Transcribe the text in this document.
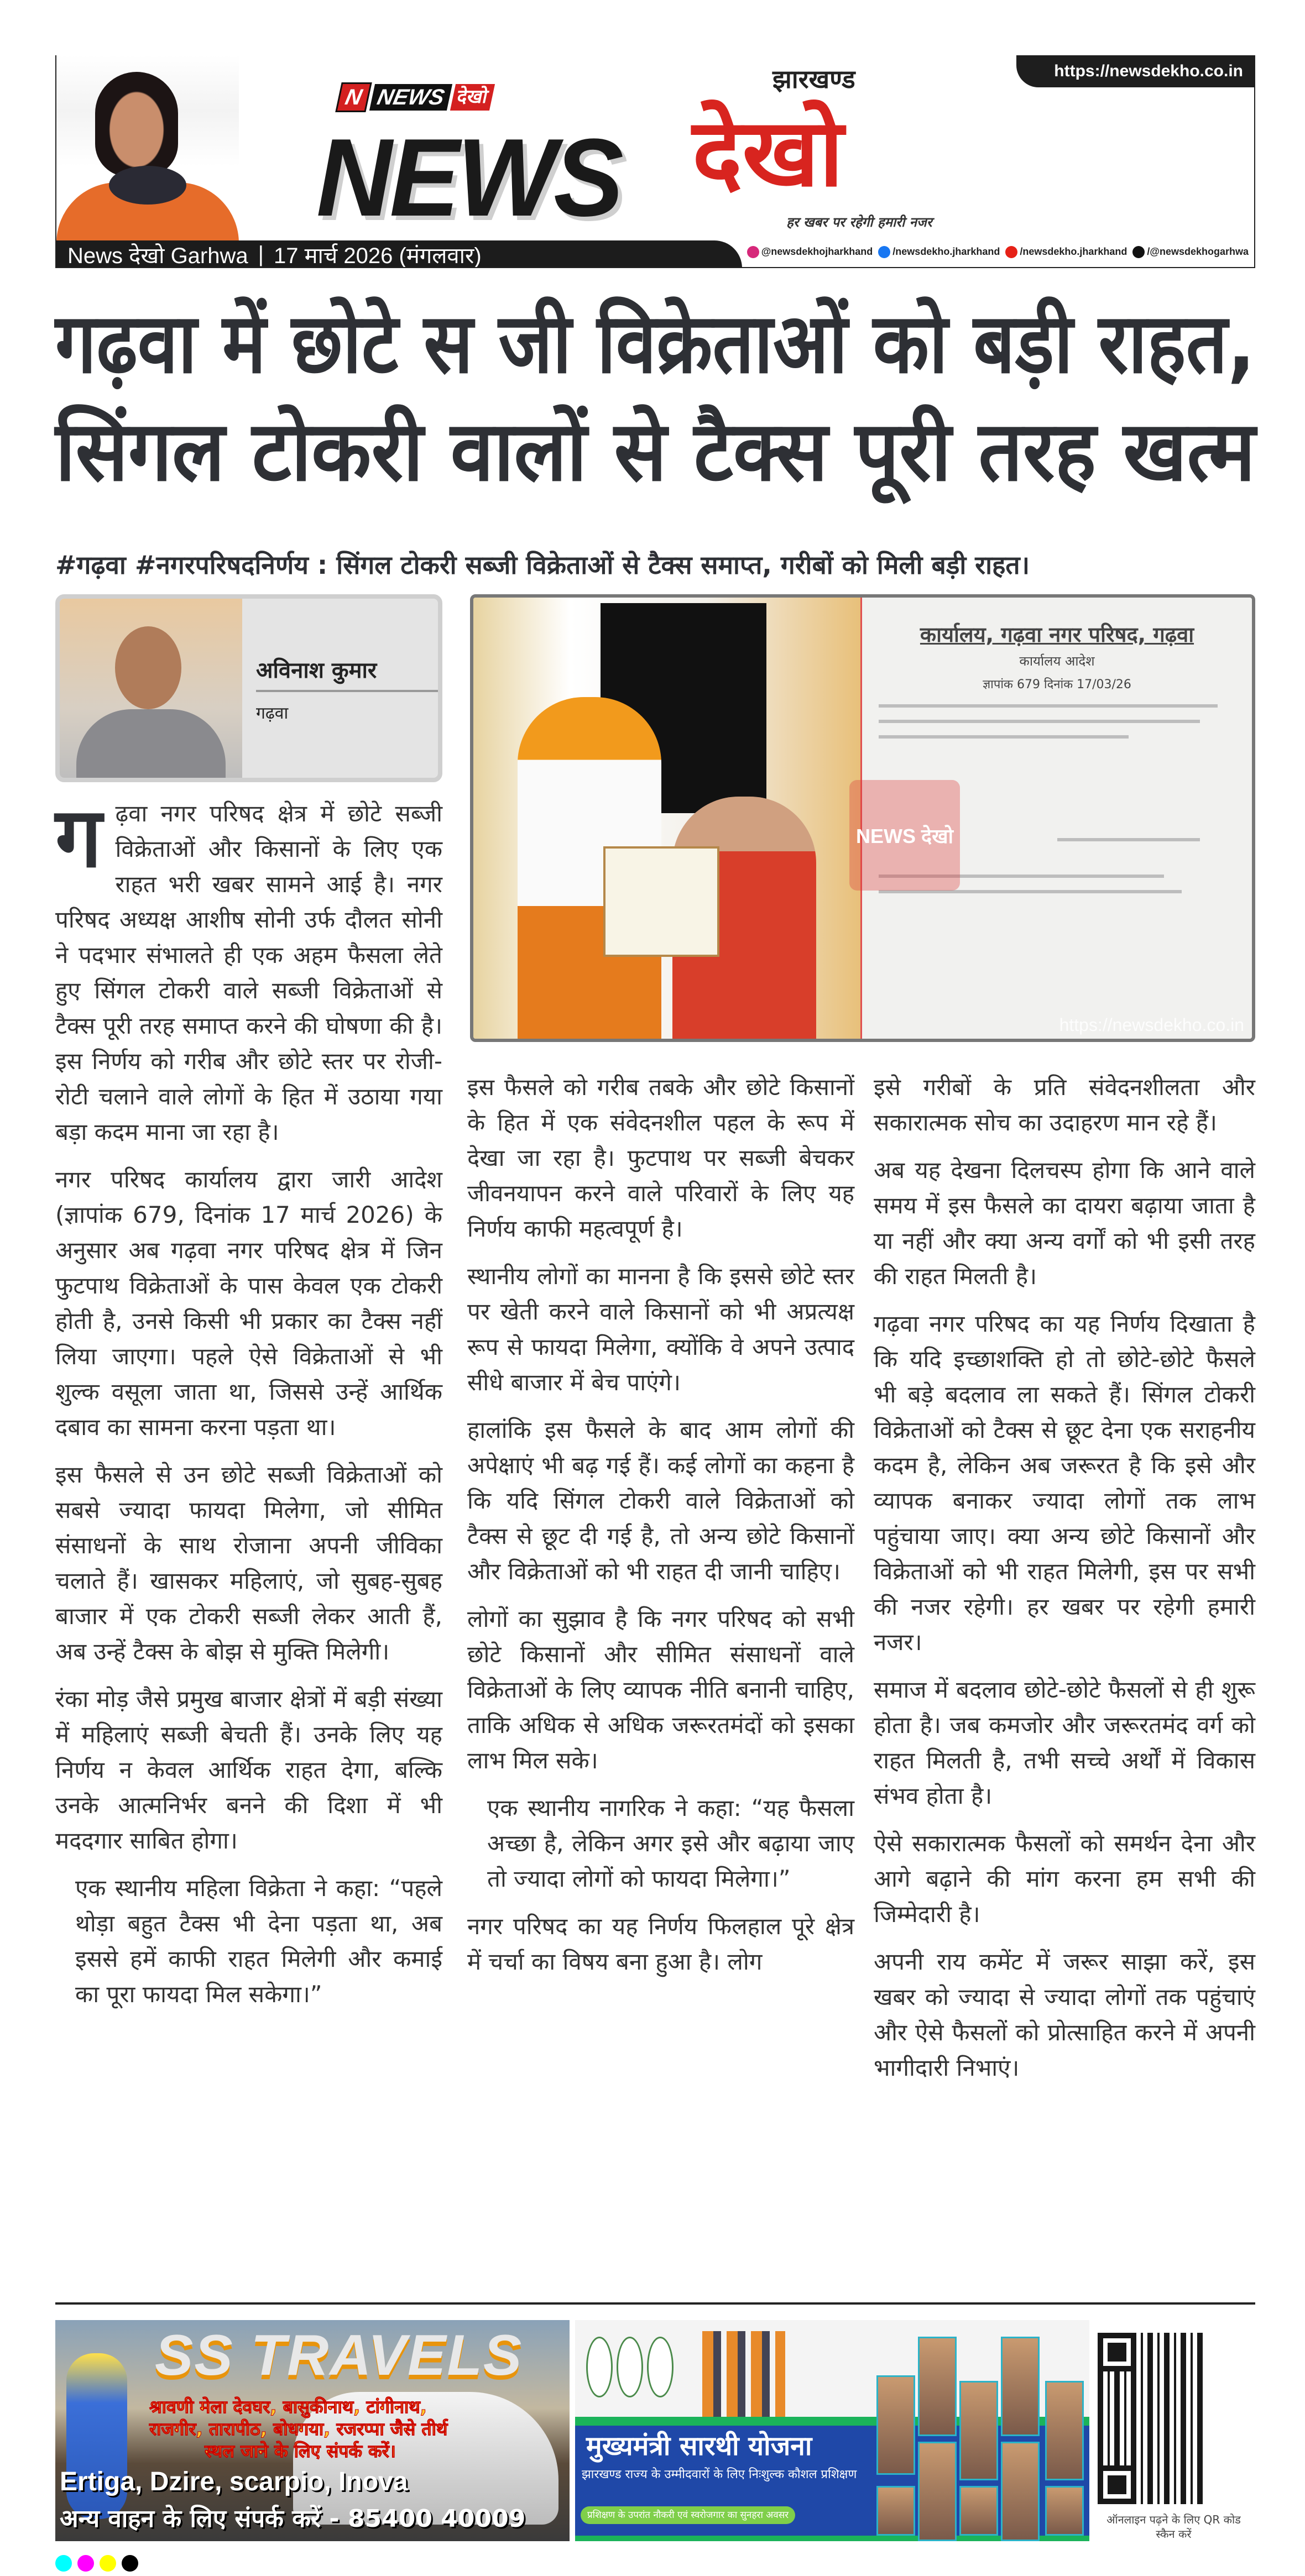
https://newsdekho.co.in
N NEWS देखो
NEWS
झारखण्ड
देखो
हर खबर पर रहेगी हमारी नजर
News देखो Garhwa | 17 मार्च 2026 (मंगलवार)	@newsdekhojharkhand	/newsdekho.jharkhand	/newsdekho.jharkhand	/@newsdekhogarhwa
गढ़वा में छोटे स जी विक्रेताओं को बड़ी राहत,
सिंगल टोकरी वालों से टैक्स पूरी तरह खत्म
#गढ़वा #नगरपरिषदनिर्णय : सिंगल टोकरी सब्जी विक्रेताओं से टैक्स समाप्त, गरीबों को मिली बड़ी राहत।
अविनाश कुमार
गढ़वा
कार्यालय, गढ़वा नगर परिषद, गढ़वा
कार्यालय आदेश
ज्ञापांक 679 दिनांक 17/03/26
NEWS देखो
https://newsdekho.co.in

गढ़वा नगर परिषद क्षेत्र में छोटे सब्जी विक्रेताओं और किसानों के लिए एक राहत भरी खबर सामने आई है। नगर परिषद अध्यक्ष आशीष सोनी उर्फ दौलत सोनी ने पदभार संभालते ही एक अहम फैसला लेते हुए सिंगल टोकरी वाले सब्जी विक्रेताओं से टैक्स पूरी तरह समाप्त करने की घोषणा की है। इस निर्णय को गरीब और छोटे स्तर पर रोजी-रोटी चलाने वाले लोगों के हित में उठाया गया बड़ा कदम माना जा रहा है।

नगर परिषद कार्यालय द्वारा जारी आदेश (ज्ञापांक 679, दिनांक 17 मार्च 2026) के अनुसार अब गढ़वा नगर परिषद क्षेत्र में जिन फुटपाथ विक्रेताओं के पास केवल एक टोकरी होती है, उनसे किसी भी प्रकार का टैक्स नहीं लिया जाएगा। पहले ऐसे विक्रेताओं से भी शुल्क वसूला जाता था, जिससे उन्हें आर्थिक दबाव का सामना करना पड़ता था।

इस फैसले से उन छोटे सब्जी विक्रेताओं को सबसे ज्यादा फायदा मिलेगा, जो सीमित संसाधनों के साथ रोजाना अपनी जीविका चलाते हैं। खासकर महिलाएं, जो सुबह-सुबह बाजार में एक टोकरी सब्जी लेकर आती हैं, अब उन्हें टैक्स के बोझ से मुक्ति मिलेगी।

रंका मोड़ जैसे प्रमुख बाजार क्षेत्रों में बड़ी संख्या में महिलाएं सब्जी बेचती हैं। उनके लिए यह निर्णय न केवल आर्थिक राहत देगा, बल्कि उनके आत्मनिर्भर बनने की दिशा में भी मददगार साबित होगा।

एक स्थानीय महिला विक्रेता ने कहा: “पहले थोड़ा बहुत टैक्स भी देना पड़ता था, अब इससे हमें काफी राहत मिलेगी और कमाई का पूरा फायदा मिल सकेगा।”

इस फैसले को गरीब तबके और छोटे किसानों के हित में एक संवेदनशील पहल के रूप में देखा जा रहा है। फुटपाथ पर सब्जी बेचकर जीवनयापन करने वाले परिवारों के लिए यह निर्णय काफी महत्वपूर्ण है।

स्थानीय लोगों का मानना है कि इससे छोटे स्तर पर खेती करने वाले किसानों को भी अप्रत्यक्ष रूप से फायदा मिलेगा, क्योंकि वे अपने उत्पाद सीधे बाजार में बेच पाएंगे।

हालांकि इस फैसले के बाद आम लोगों की अपेक्षाएं भी बढ़ गई हैं। कई लोगों का कहना है कि यदि सिंगल टोकरी वाले विक्रेताओं को टैक्स से छूट दी गई है, तो अन्य छोटे किसानों और विक्रेताओं को भी राहत दी जानी चाहिए।

लोगों का सुझाव है कि नगर परिषद को सभी छोटे किसानों और सीमित संसाधनों वाले विक्रेताओं के लिए व्यापक नीति बनानी चाहिए, ताकि अधिक से अधिक जरूरतमंदों को इसका लाभ मिल सके।

एक स्थानीय नागरिक ने कहा: “यह फैसला अच्छा है, लेकिन अगर इसे और बढ़ाया जाए तो ज्यादा लोगों को फायदा मिलेगा।”

नगर परिषद का यह निर्णय फिलहाल पूरे क्षेत्र में चर्चा का विषय बना हुआ है। लोग

इसे गरीबों के प्रति संवेदनशीलता और सकारात्मक सोच का उदाहरण मान रहे हैं।

अब यह देखना दिलचस्प होगा कि आने वाले समय में इस फैसले का दायरा बढ़ाया जाता है या नहीं और क्या अन्य वर्गों को भी इसी तरह की राहत मिलती है।

गढ़वा नगर परिषद का यह निर्णय दिखाता है कि यदि इच्छाशक्ति हो तो छोटे-छोटे फैसले भी बड़े बदलाव ला सकते हैं। सिंगल टोकरी विक्रेताओं को टैक्स से छूट देना एक सराहनीय कदम है, लेकिन अब जरूरत है कि इसे और व्यापक बनाकर ज्यादा लोगों तक लाभ पहुंचाया जाए। क्या अन्य छोटे किसानों और विक्रेताओं को भी राहत मिलेगी, इस पर सभी की नजर रहेगी। हर खबर पर रहेगी हमारी नजर।

समाज में बदलाव छोटे-छोटे फैसलों से ही शुरू होता है। जब कमजोर और जरूरतमंद वर्ग को राहत मिलती है, तभी सच्चे अर्थों में विकास संभव होता है।

ऐसे सकारात्मक फैसलों को समर्थन देना और आगे बढ़ाने की मांग करना हम सभी की जिम्मेदारी है।

अपनी राय कमेंट में जरूर साझा करें, इस खबर को ज्यादा से ज्यादा लोगों तक पहुंचाएं और ऐसे फैसलों को प्रोत्साहित करने में अपनी भागीदारी निभाएं।

SS TRAVELS
श्रावणी मेला देवघर, बासुकीनाथ, टांगीनाथ,
राजगीर, तारापीठ, बोधगया, रजरप्पा जैसे तीर्थ
स्थल जाने के लिए संपर्क करें।
Ertiga, Dzire, scarpio, Inova
अन्य वाहन के लिए संपर्क करें - 85400 40009
मुख्यमंत्री सारथी योजना
झारखण्ड राज्य के उम्मीदवारों के लिए निःशुल्क कौशल प्रशिक्षण
प्रशिक्षण के उपरांत नौकरी एवं स्वरोजगार का सुनहरा अवसर	ऑनलाइन पढ़ने के लिए QR कोड स्कैन करें
